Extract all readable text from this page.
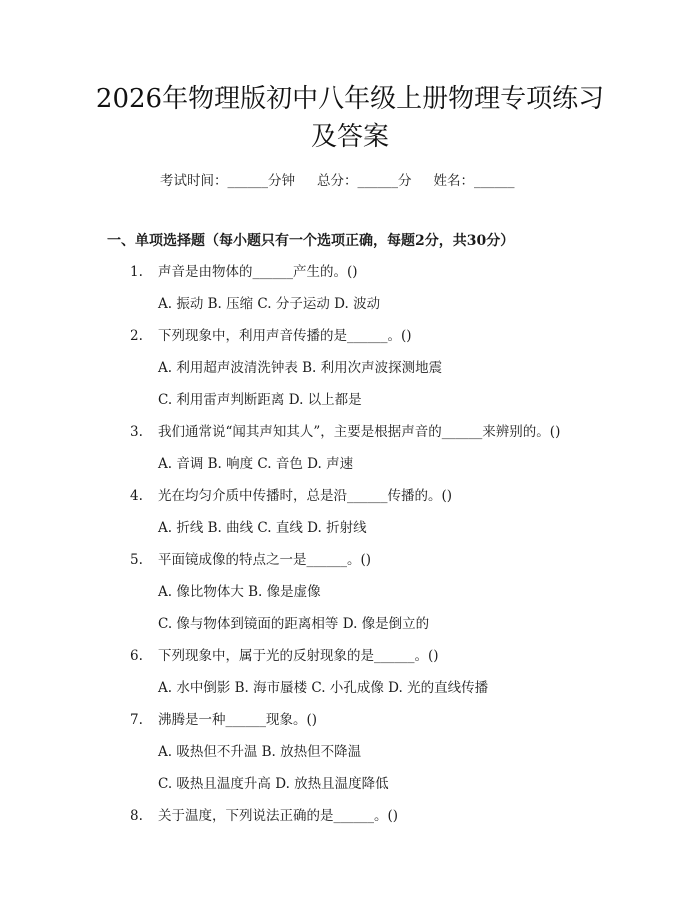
2026年物理版初中八年级上册物理专项练习
及答案
考试时间：______分钟 总分：______分 姓名：______
一、单项选择题（每小题只有一个选项正确，每题2分，共30分）
1. 声音是由物体的______产生的。()
A. 振动 B. 压缩 C. 分子运动 D. 波动
2. 下列现象中，利用声音传播的是______。()
A. 利用超声波清洗钟表 B. 利用次声波探测地震
C. 利用雷声判断距离 D. 以上都是
3. 我们通常说“闻其声知其人”，主要是根据声音的______来辨别的。()
A. 音调 B. 响度 C. 音色 D. 声速
4. 光在均匀介质中传播时，总是沿______传播的。()
A. 折线 B. 曲线 C. 直线 D. 折射线
5. 平面镜成像的特点之一是______。()
A. 像比物体大 B. 像是虚像
C. 像与物体到镜面的距离相等 D. 像是倒立的
6. 下列现象中，属于光的反射现象的是______。()
A. 水中倒影 B. 海市蜃楼 C. 小孔成像 D. 光的直线传播
7. 沸腾是一种______现象。()
A. 吸热但不升温 B. 放热但不降温
C. 吸热且温度升高 D. 放热且温度降低
8. 关于温度，下列说法正确的是______。()
